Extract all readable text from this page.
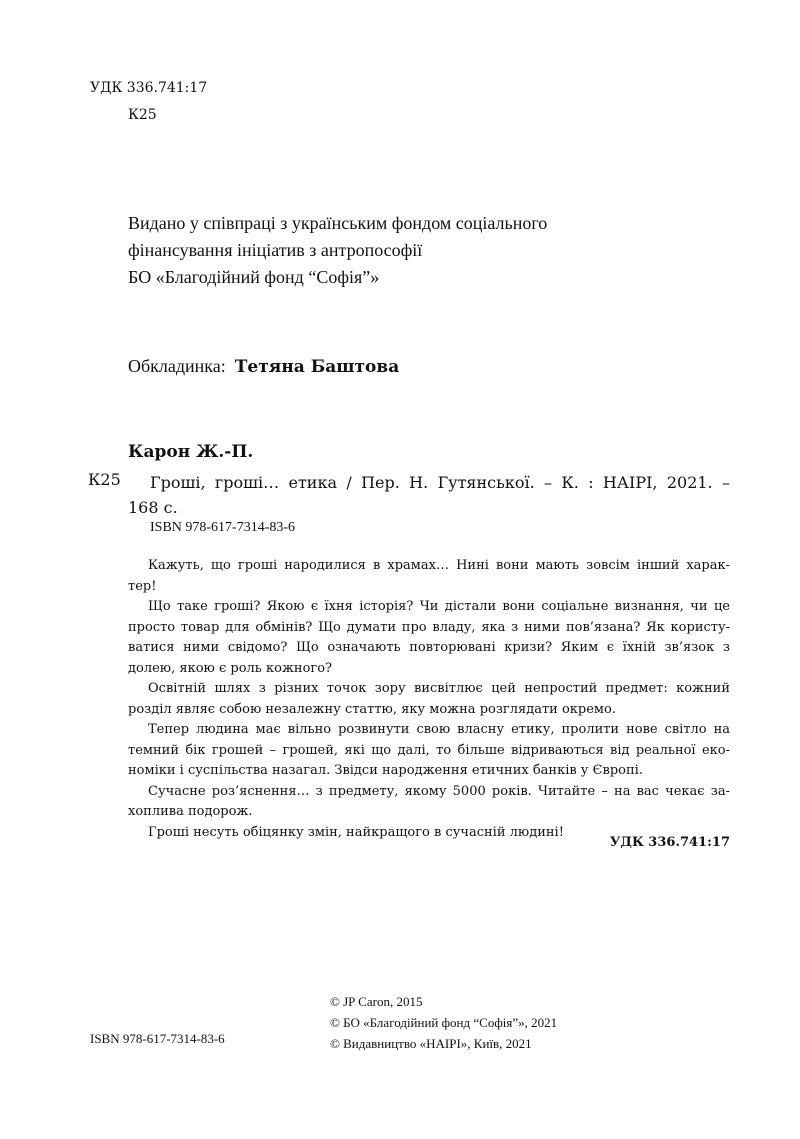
УДК 336.741:17
К25
Видано у співпраці з українським фондом соціального
фінансування ініціатив з антропософії
БО «Благодійний фонд “Софія”»
Обкладинка: Тетяна Баштова
Карон Ж.-П.
К25 Гроші, гроші… етика / Пер. Н. Гутянської. – К. : НАІРІ, 2021. –
168 с.
ISBN 978-617-7314-83-6
Кажуть, що гроші народилися в храмах… Нині вони мають зовсім інший харак-
тер!
Що таке гроші? Якою є їхня історія? Чи дістали вони соціальне визнання, чи це
просто товар для обмінів? Що думати про владу, яка з ними пов’язана? Як користу-
ватися ними свідомо? Що означають повторювані кризи? Яким є їхній зв’язок з
долею, якою є роль кожного?
Освітній шлях з різних точок зору висвітлює цей непростий предмет: кожний
розділ являє собою незалежну статтю, яку можна розглядати окремо.
Тепер людина має вільно розвинути свою власну етику, пролити нове світло на
темний бік грошей – грошей, які що далі, то більше відриваються від реальної еко-
номіки і суспільства назагал. Звідси народження етичних банків у Європі.
Сучасне роз’яснення… з предмету, якому 5000 років. Читайте – на вас чекає за-
хоплива подорож.
Гроші несуть обіцянку змін, найкращого в сучасній людині!
УДК 336.741:17
© JP Caron, 2015
© БО «Благодійний фонд “Софія”», 2021
© Видавництво «НАІРІ», Київ, 2021
ISBN 978-617-7314-83-6
